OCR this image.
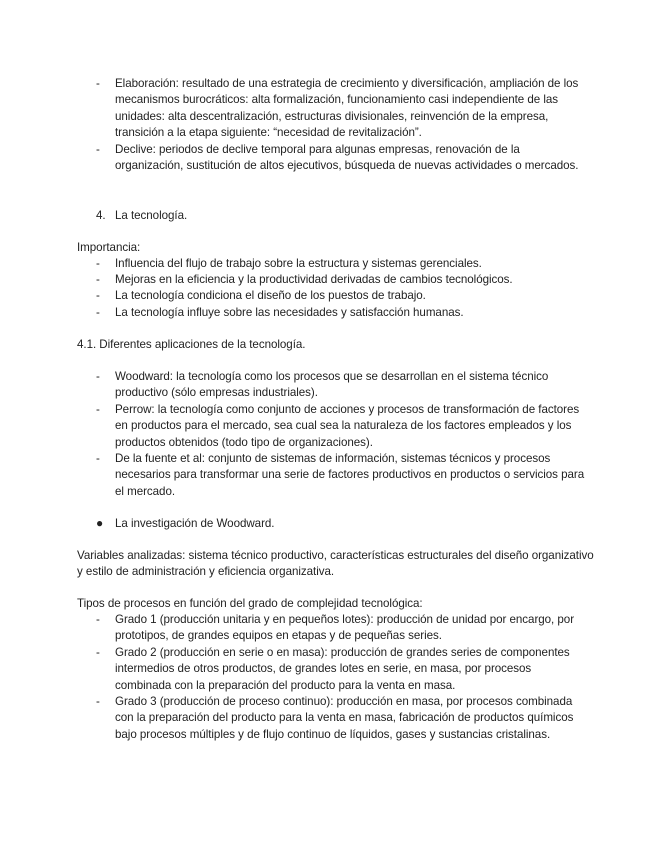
- Elaboración: resultado de una estrategia de crecimiento y diversificación, ampliación de los mecanismos burocráticos: alta formalización, funcionamiento casi independiente de las unidades: alta descentralización, estructuras divisionales, reinvención de la empresa, transición a la etapa siguiente: “necesidad de revitalización”.
- Declive: periodos de declive temporal para algunas empresas, renovación de la organización, sustitución de altos ejecutivos, búsqueda de nuevas actividades o mercados.
4. La tecnología.
Importancia:
- Influencia del flujo de trabajo sobre la estructura y sistemas gerenciales.
- Mejoras en la eficiencia y la productividad derivadas de cambios tecnológicos.
- La tecnología condiciona el diseño de los puestos de trabajo.
- La tecnología influye sobre las necesidades y satisfacción humanas.
4.1. Diferentes aplicaciones de la tecnología.
- Woodward: la tecnología como los procesos que se desarrollan en el sistema técnico productivo (sólo empresas industriales).
- Perrow: la tecnología como conjunto de acciones y procesos de transformación de factores en productos para el mercado, sea cual sea la naturaleza de los factores empleados y los productos obtenidos (todo tipo de organizaciones).
- De la fuente et al: conjunto de sistemas de información, sistemas técnicos y procesos necesarios para transformar una serie de factores productivos en productos o servicios para el mercado.
● La investigación de Woodward.
Variables analizadas: sistema técnico productivo, características estructurales del diseño organizativo y estilo de administración y eficiencia organizativa.
Tipos de procesos en función del grado de complejidad tecnológica:
- Grado 1 (producción unitaria y en pequeños lotes): producción de unidad por encargo, por prototipos, de grandes equipos en etapas y de pequeñas series.
- Grado 2 (producción en serie o en masa): producción de grandes series de componentes intermedios de otros productos, de grandes lotes en serie, en masa, por procesos combinada con la preparación del producto para la venta en masa.
- Grado 3 (producción de proceso continuo): producción en masa, por procesos combinada con la preparación del producto para la venta en masa, fabricación de productos químicos bajo procesos múltiples y de flujo continuo de líquidos, gases y sustancias cristalinas.
